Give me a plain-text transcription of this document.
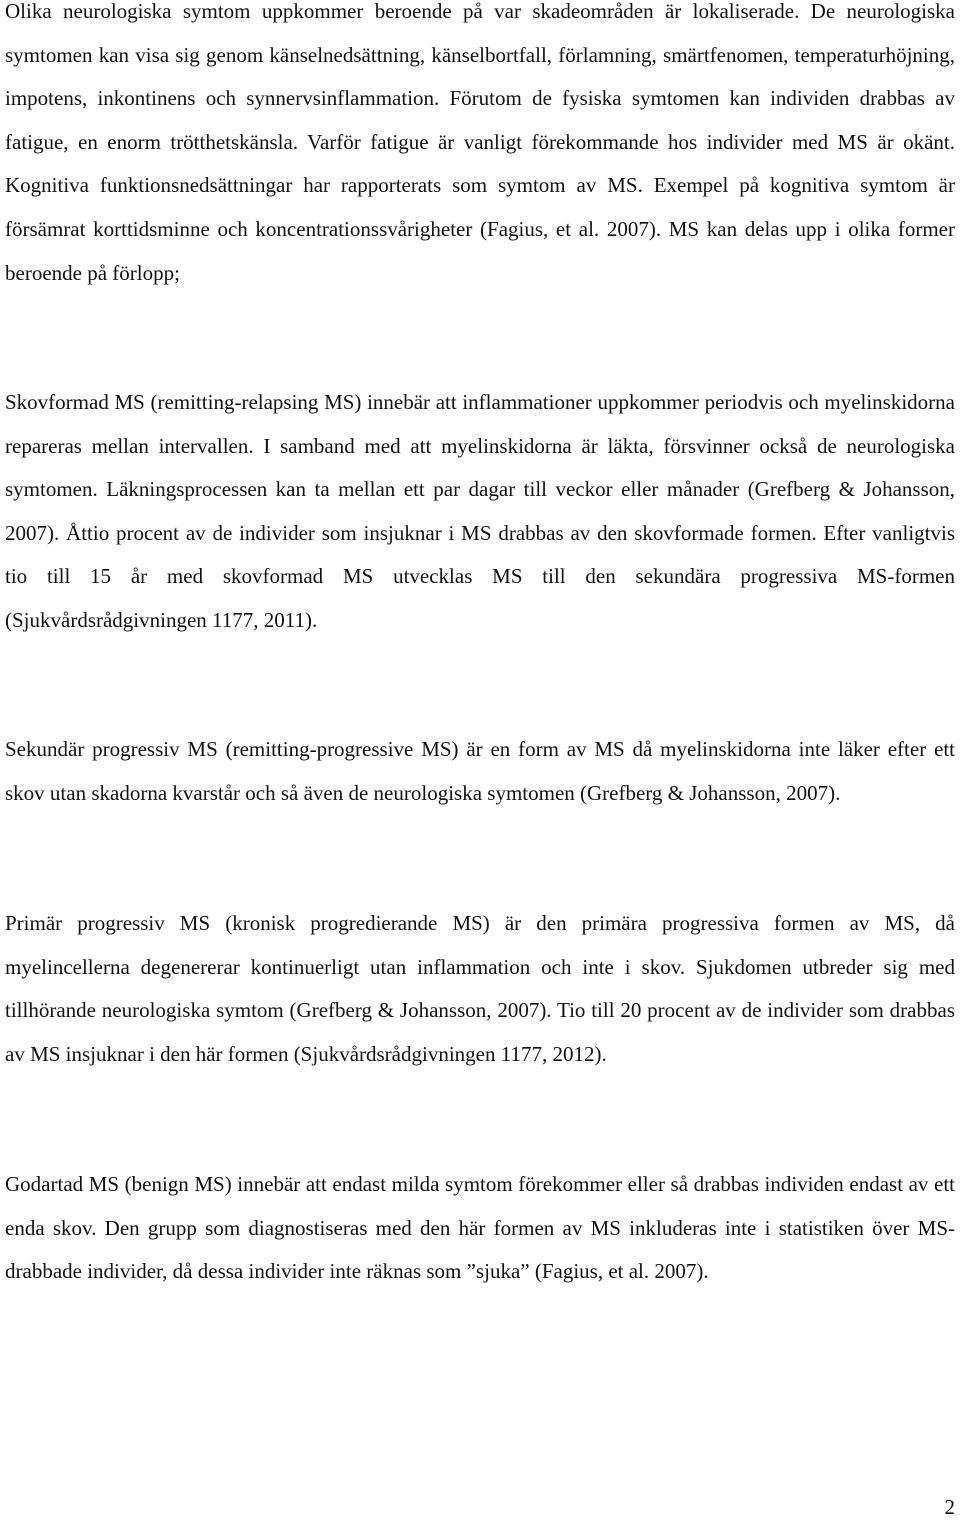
Olika neurologiska symtom uppkommer beroende på var skadeområden är lokaliserade. De neurologiska symtomen kan visa sig genom känselnedsättning, känselbortfall, förlamning, smärtfenomen, temperaturhöjning, impotens, inkontinens och synnervsinflammation. Förutom de fysiska symtomen kan individen drabbas av fatigue, en enorm trötthetskänsla. Varför fatigue är vanligt förekommande hos individer med MS är okänt. Kognitiva funktionsnedsättningar har rapporterats som symtom av MS. Exempel på kognitiva symtom är försämrat korttidsminne och koncentrationssvårigheter (Fagius, et al. 2007). MS kan delas upp i olika former beroende på förlopp;

Skovformad MS (remitting-relapsing MS) innebär att inflammationer uppkommer periodvis och myelinskidorna repareras mellan intervallen. I samband med att myelinskidorna är läkta, försvinner också de neurologiska symtomen. Läkningsprocessen kan ta mellan ett par dagar till veckor eller månader (Grefberg & Johansson, 2007). Åttio procent av de individer som insjuknar i MS drabbas av den skovformade formen. Efter vanligtvis tio till 15 år med skovformad MS utvecklas MS till den sekundära progressiva MS-formen (Sjukvårdsrådgivningen 1177, 2011).

Sekundär progressiv MS (remitting-progressive MS) är en form av MS då myelinskidorna inte läker efter ett skov utan skadorna kvarstår och så även de neurologiska symtomen (Grefberg & Johansson, 2007).

Primär progressiv MS (kronisk progredierande MS) är den primära progressiva formen av MS, då myelincellerna degenererar kontinuerligt utan inflammation och inte i skov. Sjukdomen utbreder sig med tillhörande neurologiska symtom (Grefberg & Johansson, 2007). Tio till 20 procent av de individer som drabbas av MS insjuknar i den här formen (Sjukvårdsrådgivningen 1177, 2012).

Godartad MS (benign MS) innebär att endast milda symtom förekommer eller så drabbas individen endast av ett enda skov. Den grupp som diagnostiseras med den här formen av MS inkluderas inte i statistiken över MS-drabbade individer, då dessa individer inte räknas som ”sjuka” (Fagius, et al. 2007).

2
